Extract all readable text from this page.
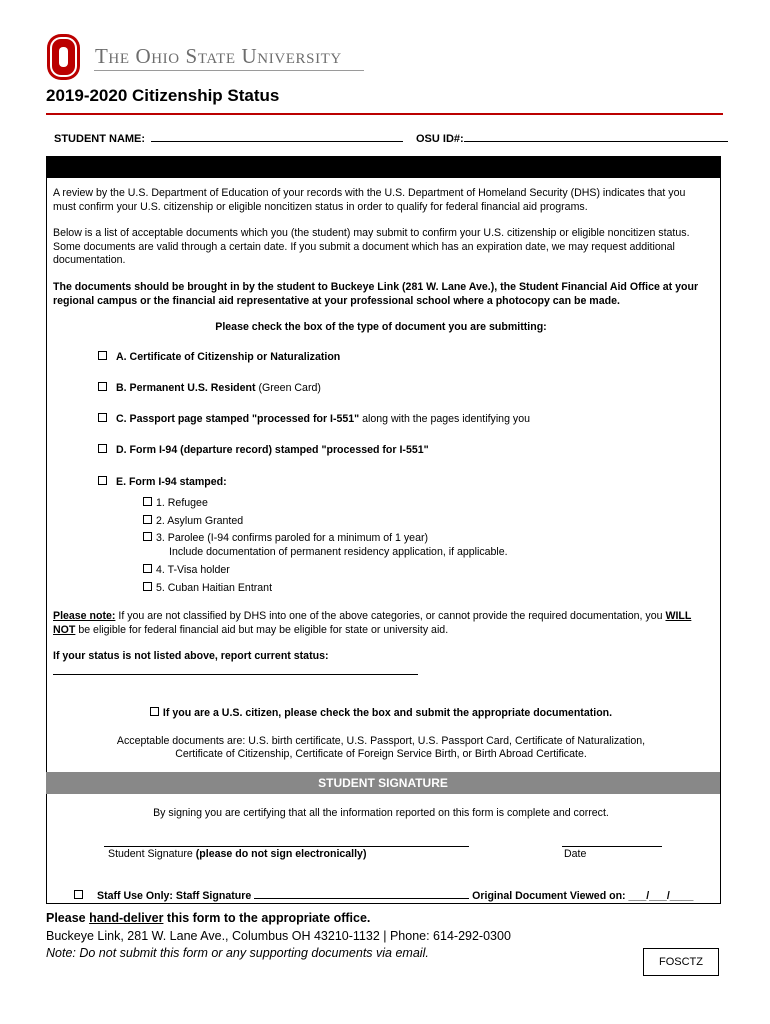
The Ohio State University
2019-2020 Citizenship Status
STUDENT NAME:	OSU ID#:
A review by the U.S. Department of Education of your records with the U.S. Department of Homeland Security (DHS) indicates that you must confirm your U.S. citizenship or eligible noncitizen status in order to qualify for federal financial aid programs.
Below is a list of acceptable documents which you (the student) may submit to confirm your U.S. citizenship or eligible noncitizen status. Some documents are valid through a certain date. If you submit a document which has an expiration date, we may request additional documentation.
The documents should be brought in by the student to Buckeye Link (281 W. Lane Ave.), the Student Financial Aid Office at your regional campus or the financial aid representative at your professional school where a photocopy can be made.
Please check the box of the type of document you are submitting:
A. Certificate of Citizenship or Naturalization
B. Permanent U.S. Resident (Green Card)
C. Passport page stamped "processed for I-551" along with the pages identifying you
D. Form I-94 (departure record) stamped "processed for I-551"
E. Form I-94 stamped:
1. Refugee
2. Asylum Granted
3. Parolee (I-94 confirms paroled for a minimum of 1 year)
Include documentation of permanent residency application, if applicable.
4. T-Visa holder
5. Cuban Haitian Entrant
Please note: If you are not classified by DHS into one of the above categories, or cannot provide the required documentation, you WILL NOT be eligible for federal financial aid but may be eligible for state or university aid.
If your status is not listed above, report current status:
If you are a U.S. citizen, please check the box and submit the appropriate documentation.
Acceptable documents are: U.S. birth certificate, U.S. Passport, U.S. Passport Card, Certificate of Naturalization,
Certificate of Citizenship, Certificate of Foreign Service Birth, or Birth Abroad Certificate.
STUDENT SIGNATURE
By signing you are certifying that all the information reported on this form is complete and correct.
Student Signature (please do not sign electronically)	Date
Staff Use Only: Staff Signature	Original Document Viewed on: ___/___/____
Please hand-deliver this form to the appropriate office.
Buckeye Link, 281 W. Lane Ave., Columbus OH 43210-1132 | Phone: 614-292-0300
Note: Do not submit this form or any supporting documents via email.
FOSCTZ
